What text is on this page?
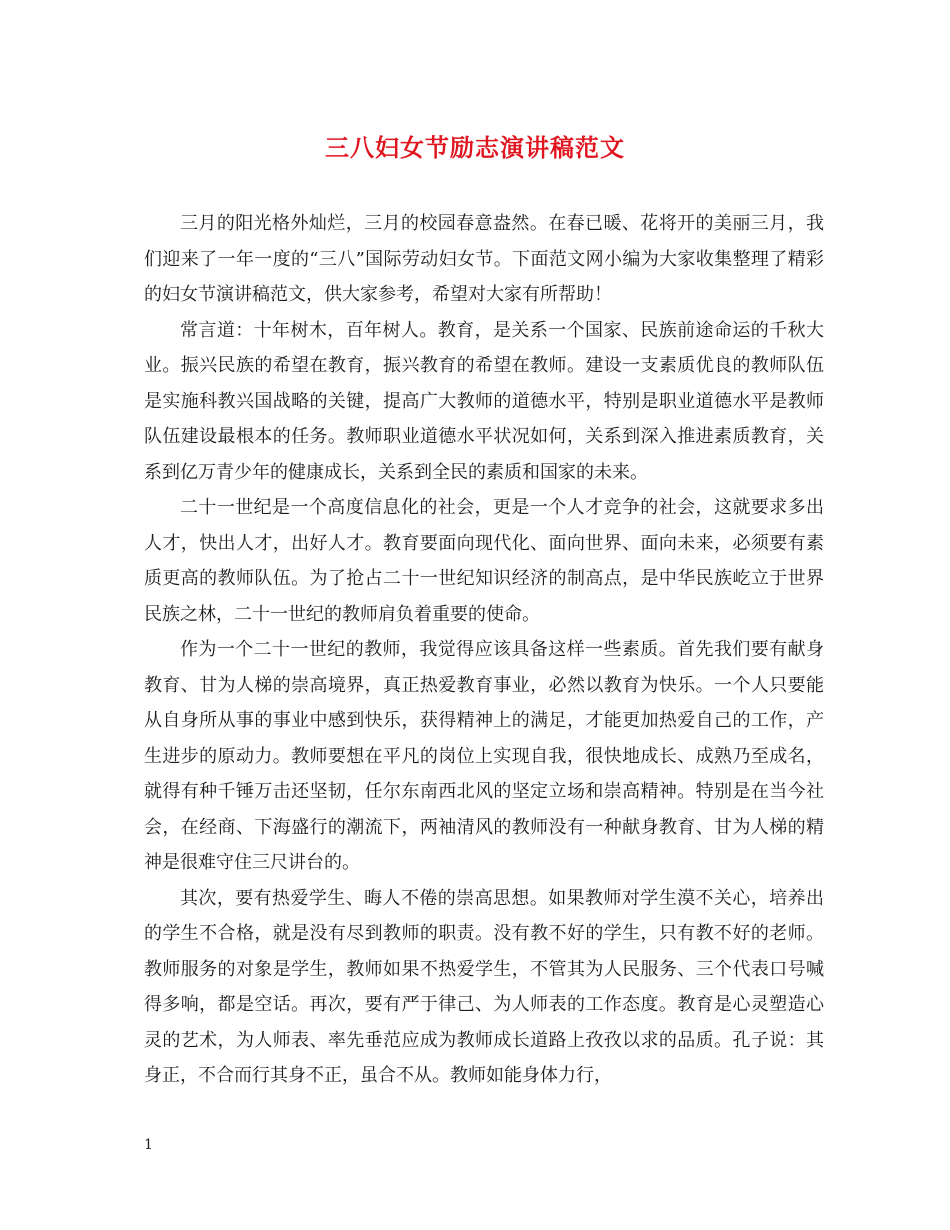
三八妇女节励志演讲稿范文

三月的阳光格外灿烂，三月的校园春意盎然。在春已暖、花将开的美丽三月，我们迎来了一年一度的“三八”国际劳动妇女节。下面范文网小编为大家收集整理了精彩的妇女节演讲稿范文，供大家参考，希望对大家有所帮助！

常言道：十年树木，百年树人。教育，是关系一个国家、民族前途命运的千秋大业。振兴民族的希望在教育，振兴教育的希望在教师。建设一支素质优良的教师队伍是实施科教兴国战略的关键，提高广大教师的道德水平，特别是职业道德水平是教师队伍建设最根本的任务。教师职业道德水平状况如何，关系到深入推进素质教育，关系到亿万青少年的健康成长，关系到全民的素质和国家的未来。

二十一世纪是一个高度信息化的社会，更是一个人才竞争的社会，这就要求多出人才，快出人才，出好人才。教育要面向现代化、面向世界、面向未来，必须要有素质更高的教师队伍。为了抢占二十一世纪知识经济的制高点，是中华民族屹立于世界民族之林，二十一世纪的教师肩负着重要的使命。

作为一个二十一世纪的教师，我觉得应该具备这样一些素质。首先我们要有献身教育、甘为人梯的崇高境界，真正热爱教育事业，必然以教育为快乐。一个人只要能从自身所从事的事业中感到快乐，获得精神上的满足，才能更加热爱自己的工作，产生进步的原动力。教师要想在平凡的岗位上实现自我，很快地成长、成熟乃至成名，就得有种千锤万击还坚韧，任尔东南西北风的坚定立场和崇高精神。特别是在当今社会，在经商、下海盛行的潮流下，两袖清风的教师没有一种献身教育、甘为人梯的精神是很难守住三尺讲台的。

其次，要有热爱学生、晦人不倦的崇高思想。如果教师对学生漠不关心，培养出的学生不合格，就是没有尽到教师的职责。没有教不好的学生，只有教不好的老师。教师服务的对象是学生，教师如果不热爱学生，不管其为人民服务、三个代表口号喊得多响，都是空话。再次，要有严于律己、为人师表的工作态度。教育是心灵塑造心灵的艺术，为人师表、率先垂范应成为教师成长道路上孜孜以求的品质。孔子说：其身正，不合而行其身不正，虽合不从。教师如能身体力行，

1
